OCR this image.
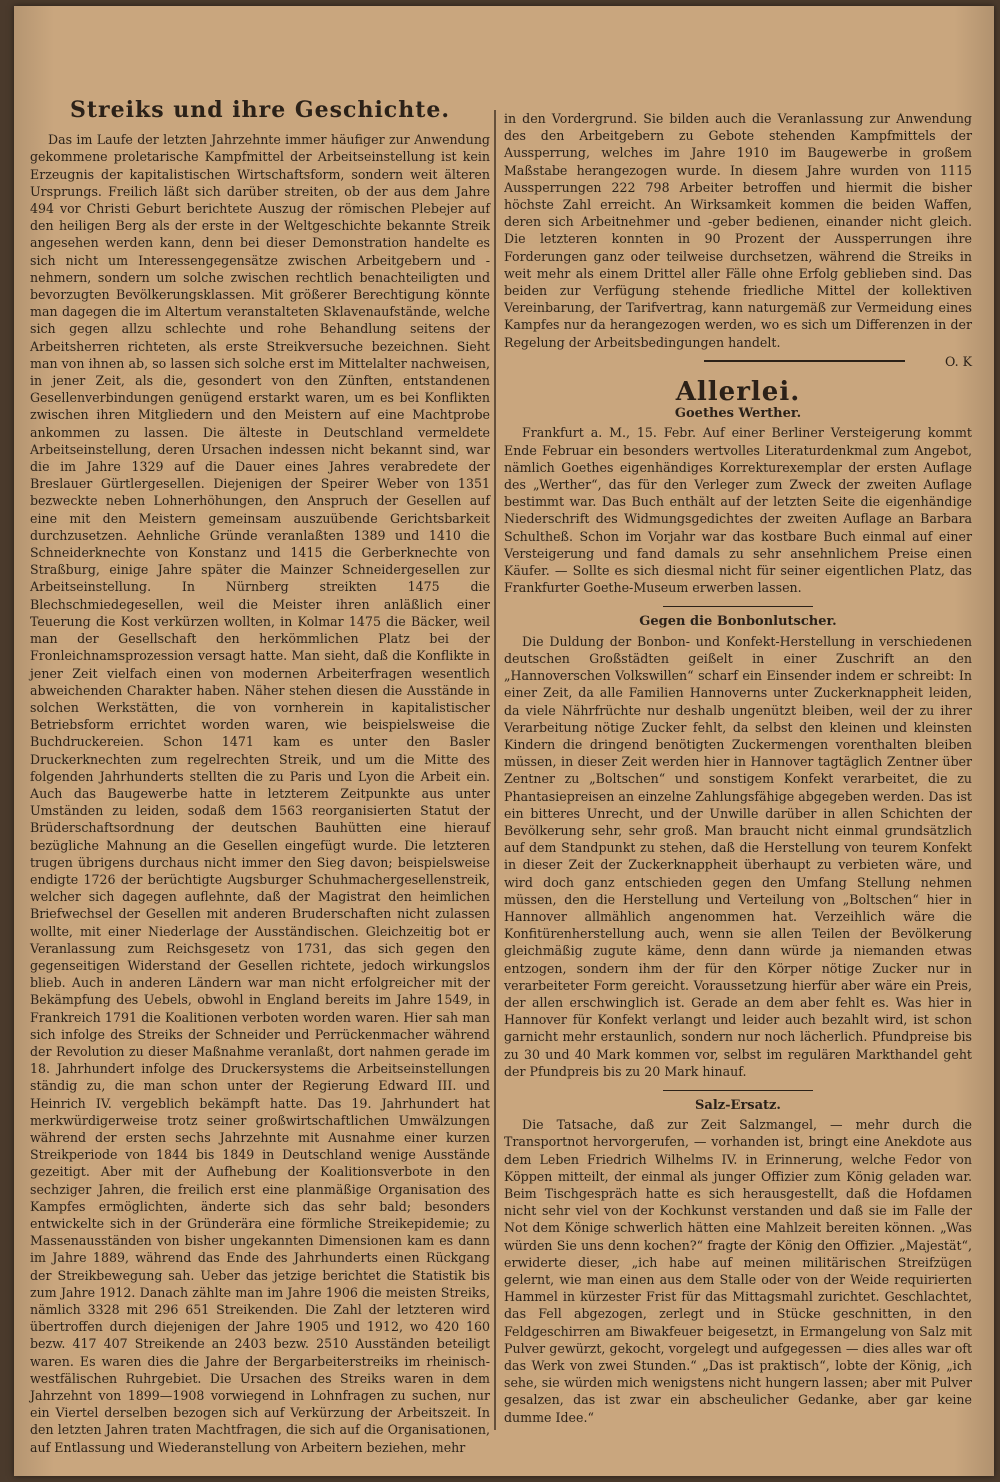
Streiks und ihre Geschichte.

Das im Laufe der letzten Jahrzehnte immer häufiger zur Anwendung gekommene proletarische Kampfmittel der Arbeitseinstellung ist kein Erzeugnis der kapitalistischen Wirtschaftsform, sondern weit älteren Ursprungs. Freilich läßt sich darüber streiten, ob der aus dem Jahre 494 vor Christi Geburt berichtete Auszug der römischen Plebejer auf den heiligen Berg als der erste in der Weltgeschichte bekannte Streik angesehen werden kann, denn bei dieser Demonstration handelte es sich nicht um Interessengegensätze zwischen Arbeitgebern und -nehmern, sondern um solche zwischen rechtlich benachteiligten und bevorzugten Bevölkerungsklassen. Mit größerer Berechtigung könnte man dagegen die im Altertum veranstalteten Sklavenaufstände, welche sich gegen allzu schlechte und rohe Behandlung seitens der Arbeitsherren richteten, als erste Streikversuche bezeichnen. Sieht man von ihnen ab, so lassen sich solche erst im Mittelalter nachweisen, in jener Zeit, als die, gesondert von den Zünften, entstandenen Gesellenverbindungen genügend erstarkt waren, um es bei Konflikten zwischen ihren Mitgliedern und den Meistern auf eine Machtprobe ankommen zu lassen. Die älteste in Deutschland vermeldete Arbeitseinstellung, deren Ursachen indessen nicht bekannt sind, war die im Jahre 1329 auf die Dauer eines Jahres verabredete der Breslauer Gürtlergesellen. Diejenigen der Speirer Weber von 1351 bezweckte neben Lohnerhöhungen, den Anspruch der Gesellen auf eine mit den Meistern gemeinsam auszuübende Gerichtsbarkeit durchzusetzen. Aehnliche Gründe veranlaßten 1389 und 1410 die Schneiderknechte von Konstanz und 1415 die Gerberknechte von Straßburg, einige Jahre später die Mainzer Schneidergesellen zur Arbeitseinstellung. In Nürnberg streikten 1475 die Blechschmiedegesellen, weil die Meister ihren anläßlich einer Teuerung die Kost verkürzen wollten, in Kolmar 1475 die Bäcker, weil man der Gesellschaft den herkömmlichen Platz bei der Fronleichnamsprozession versagt hatte. Man sieht, daß die Konflikte in jener Zeit vielfach einen von modernen Arbeiterfragen wesentlich abweichenden Charakter haben. Näher stehen diesen die Ausstände in solchen Werkstätten, die von vornherein in kapitalistischer Betriebsform errichtet worden waren, wie beispielsweise die Buchdruckereien. Schon 1471 kam es unter den Basler Druckerknechten zum regelrechten Streik, und um die Mitte des folgenden Jahrhunderts stellten die zu Paris und Lyon die Arbeit ein. Auch das Baugewerbe hatte in letzterem Zeitpunkte aus unter Umständen zu leiden, sodaß dem 1563 reorganisierten Statut der Brüderschaftsordnung der deutschen Bauhütten eine hierauf bezügliche Mahnung an die Gesellen eingefügt wurde. Die letzteren trugen übrigens durchaus nicht immer den Sieg davon; beispielsweise endigte 1726 der berüchtigte Augsburger Schuhmachergesellenstreik, welcher sich dagegen auflehnte, daß der Magistrat den heimlichen Briefwechsel der Gesellen mit anderen Bruderschaften nicht zulassen wollte, mit einer Niederlage der Ausständischen. Gleichzeitig bot er Veranlassung zum Reichsgesetz von 1731, das sich gegen den gegenseitigen Widerstand der Gesellen richtete, jedoch wirkungslos blieb. Auch in anderen Ländern war man nicht erfolgreicher mit der Bekämpfung des Uebels, obwohl in England bereits im Jahre 1549, in Frankreich 1791 die Koalitionen verboten worden waren. Hier sah man sich infolge des Streiks der Schneider und Perrückenmacher während der Revolution zu dieser Maßnahme veranlaßt, dort nahmen gerade im 18. Jahrhundert infolge des Druckersystems die Arbeitseinstellungen ständig zu, die man schon unter der Regierung Edward III. und Heinrich IV. vergeblich bekämpft hatte. Das 19. Jahrhundert hat merkwürdigerweise trotz seiner großwirtschaftlichen Umwälzungen während der ersten sechs Jahrzehnte mit Ausnahme einer kurzen Streikperiode von 1844 bis 1849 in Deutschland wenige Ausstände gezeitigt. Aber mit der Aufhebung der Koalitionsverbote in den sechziger Jahren, die freilich erst eine planmäßige Organisation des Kampfes ermöglichten, änderte sich das sehr bald; besonders entwickelte sich in der Gründerära eine förmliche Streikepidemie; zu Massenausständen von bisher ungekannten Dimensionen kam es dann im Jahre 1889, während das Ende des Jahrhunderts einen Rückgang der Streikbewegung sah. Ueber das jetzige berichtet die Statistik bis zum Jahre 1912. Danach zählte man im Jahre 1906 die meisten Streiks, nämlich 3328 mit 296 651 Streikenden. Die Zahl der letzteren wird übertroffen durch diejenigen der Jahre 1905 und 1912, wo 420 160 bezw. 417 407 Streikende an 2403 bezw. 2510 Ausständen beteiligt waren. Es waren dies die Jahre der Bergarbeiterstreiks im rheinisch-westfälischen Ruhrgebiet. Die Ursachen des Streiks waren in dem Jahrzehnt von 1899—1908 vorwiegend in Lohnfragen zu suchen, nur ein Viertel derselben bezogen sich auf Verkürzung der Arbeitszeit. In den letzten Jahren traten Machtfragen, die sich auf die Organisationen, auf Entlassung und Wiederanstellung von Arbeitern beziehen, mehr

in den Vordergrund. Sie bilden auch die Veranlassung zur Anwendung des den Arbeitgebern zu Gebote stehenden Kampfmittels der Aussperrung, welches im Jahre 1910 im Baugewerbe in großem Maßstabe herangezogen wurde. In diesem Jahre wurden von 1115 Aussperrungen 222 798 Arbeiter betroffen und hiermit die bisher höchste Zahl erreicht. An Wirksamkeit kommen die beiden Waffen, deren sich Arbeitnehmer und -geber bedienen, einander nicht gleich. Die letzteren konnten in 90 Prozent der Aussperrungen ihre Forderungen ganz oder teilweise durchsetzen, während die Streiks in weit mehr als einem Drittel aller Fälle ohne Erfolg geblieben sind. Das beiden zur Verfügung stehende friedliche Mittel der kollektiven Vereinbarung, der Tarifvertrag, kann naturgemäß zur Vermeidung eines Kampfes nur da herangezogen werden, wo es sich um Differenzen in der Regelung der Arbeitsbedingungen handelt.

O. K
Allerlei.
Goethes Werther.

Frankfurt a. M., 15. Febr. Auf einer Berliner Versteigerung kommt Ende Februar ein besonders wertvolles Literaturdenkmal zum Angebot, nämlich Goethes eigenhändiges Korrekturexemplar der ersten Auflage des „Werther“, das für den Verleger zum Zweck der zweiten Auflage bestimmt war. Das Buch enthält auf der letzten Seite die eigenhändige Niederschrift des Widmungsgedichtes der zweiten Auflage an Barbara Schultheß. Schon im Vorjahr war das kostbare Buch einmal auf einer Versteigerung und fand damals zu sehr ansehnlichem Preise einen Käufer. — Sollte es sich diesmal nicht für seiner eigentlichen Platz, das Frankfurter Goethe-Museum erwerben lassen.

Gegen die Bonbonlutscher.

Die Duldung der Bonbon- und Konfekt-Herstellung in verschiedenen deutschen Großstädten geißelt in einer Zuschrift an den „Hannoverschen Volkswillen“ scharf ein Einsender indem er schreibt: In einer Zeit, da alle Familien Hannoverns unter Zuckerknappheit leiden, da viele Nährfrüchte nur deshalb ungenützt bleiben, weil der zu ihrer Verarbeitung nötige Zucker fehlt, da selbst den kleinen und kleinsten Kindern die dringend benötigten Zuckermengen vorenthalten bleiben müssen, in dieser Zeit werden hier in Hannover tagtäglich Zentner über Zentner zu „Boltschen“ und sonstigem Konfekt verarbeitet, die zu Phantasiepreisen an einzelne Zahlungsfähige abgegeben werden. Das ist ein bitteres Unrecht, und der Unwille darüber in allen Schichten der Bevölkerung sehr, sehr groß. Man braucht nicht einmal grundsätzlich auf dem Standpunkt zu stehen, daß die Herstellung von teurem Konfekt in dieser Zeit der Zuckerknappheit überhaupt zu verbieten wäre, und wird doch ganz entschieden gegen den Umfang Stellung nehmen müssen, den die Herstellung und Verteilung von „Boltschen“ hier in Hannover allmählich angenommen hat. Verzeihlich wäre die Konfitürenherstellung auch, wenn sie allen Teilen der Bevölkerung gleichmäßig zugute käme, denn dann würde ja niemanden etwas entzogen, sondern ihm der für den Körper nötige Zucker nur in verarbeiteter Form gereicht. Voraussetzung hierfür aber wäre ein Preis, der allen erschwinglich ist. Gerade an dem aber fehlt es. Was hier in Hannover für Konfekt verlangt und leider auch bezahlt wird, ist schon garnicht mehr erstaunlich, sondern nur noch lächerlich. Pfundpreise bis zu 30 und 40 Mark kommen vor, selbst im regulären Markthandel geht der Pfundpreis bis zu 20 Mark hinauf.

Salz-Ersatz.

Die Tatsache, daß zur Zeit Salzmangel, — mehr durch die Transportnot hervorgerufen, — vorhanden ist, bringt eine Anekdote aus dem Leben Friedrich Wilhelms IV. in Erinnerung, welche Fedor von Köppen mitteilt, der einmal als junger Offizier zum König geladen war. Beim Tischgespräch hatte es sich herausgestellt, daß die Hofdamen nicht sehr viel von der Kochkunst verstanden und daß sie im Falle der Not dem Könige schwerlich hätten eine Mahlzeit bereiten können. „Was würden Sie uns denn kochen?“ fragte der König den Offizier. „Majestät“, erwiderte dieser, „ich habe auf meinen militärischen Streifzügen gelernt, wie man einen aus dem Stalle oder von der Weide requirierten Hammel in kürzester Frist für das Mittagsmahl zurichtet. Geschlachtet, das Fell abgezogen, zerlegt und in Stücke geschnitten, in den Feldgeschirren am Biwakfeuer beigesetzt, in Ermangelung von Salz mit Pulver gewürzt, gekocht, vorgelegt und aufgegessen — dies alles war oft das Werk von zwei Stunden.“ „Das ist praktisch“, lobte der König, „ich sehe, sie würden mich wenigstens nicht hungern lassen; aber mit Pulver gesalzen, das ist zwar ein abscheulicher Gedanke, aber gar keine dumme Idee.“
